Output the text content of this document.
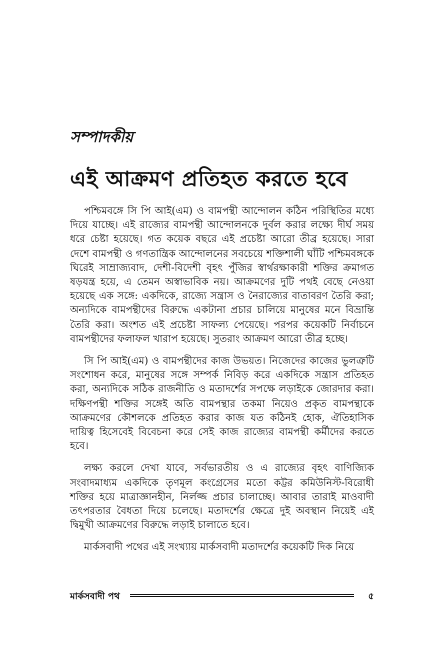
সম্পাদকীয়
এই আক্রমণ প্রতিহত করতে হবে

পশ্চিমবঙ্গে সি পি আই(এম) ও বামপন্থী আন্দোলন কঠিন পরিস্থিতির মধ্যে দিয়ে যাচ্ছে। এই রাজ্যের বামপন্থী আন্দোলনকে দুর্বল করার লক্ষ্যে দীর্ঘ সময় ধরে চেষ্টা হয়েছে। গত কয়েক বছরে এই প্রচেষ্টা আরো তীব্র হয়েছে। সারা দেশে বামপন্থী ও গণতান্ত্রিক আন্দোলনের সবচেয়ে শক্তিশালী ঘাঁটি পশ্চিমবঙ্গকে ঘিরেই সাম্রাজ্যবাদ, দেশী-বিদেশী বৃহৎ পুঁজির স্বার্থরক্ষাকারী শক্তির ক্রমাগত ষড়যন্ত্র হয়ে, এ তেমন অস্বাভাবিক নয়। আক্রমণের দুটি পথই বেছে নেওয়া হয়েছে এক সঙ্গে: একদিকে, রাজ্যে সন্ত্রাস ও নৈরাজ্যের বাতাবরণ তৈরি করা; অন্যদিকে বামপন্থীদের বিরুদ্ধে একটানা প্রচার চালিয়ে মানুষের মনে বিভ্রান্তি তৈরি করা। অংশত এই প্রচেষ্টা সাফল্য পেয়েছে। পরপর কয়েকটি নির্বাচনে বামপন্থীদের ফলাফল খারাপ হয়েছে। সুতরাং আক্রমণ আরো তীব্র হচ্ছে।

সি পি আই(এম) ও বামপন্থীদের কাজ উভয়ত। নিজেদের কাজের ভুলত্রুটি সংশোধন করে, মানুষের সঙ্গে সম্পর্ক নিবিড় করে একদিকে সন্ত্রাস প্রতিহত করা, অন্যদিকে সঠিক রাজনীতি ও মতাদর্শের সপক্ষে লড়াইকে জোরদার করা। দক্ষিণপন্থী শক্তির সঙ্গেই অতি বামপন্থার তকমা নিয়েও প্রকৃত বামপন্থাকে আক্রমণের কৌশলকে প্রতিহত করার কাজ যত কঠিনই হোক, ঐতিহাসিক দায়িত্ব হিসেবেই বিবেচনা করে সেই কাজ রাজ্যের বামপন্থী কর্মীদের করতে হবে।

লক্ষ্য করলে দেখা যাবে, সর্বভারতীয় ও এ রাজ্যের বৃহৎ বাণিজ্যিক সংবাদমাধ্যম একদিকে তৃণমূল কংগ্রেসের মতো কট্টর কমিউনিস্ট-বিরোধী শক্তির হয়ে মাত্রাজ্ঞানহীন, নির্লজ্জ প্রচার চালাচ্ছে। আবার তারাই মাওবাদী তৎপরতার বৈধতা দিয়ে চলেছে। মতাদর্শের ক্ষেত্রে দুই অবস্থান নিয়েই এই দ্বিমুখী আক্রমণের বিরুদ্ধে লড়াই চালাতে হবে।

মার্কসবাদী পথের এই সংখ্যায় মার্কসবাদী মতাদর্শের কয়েকটি দিক নিয়ে

মার্কসবাদী পথ	৫
